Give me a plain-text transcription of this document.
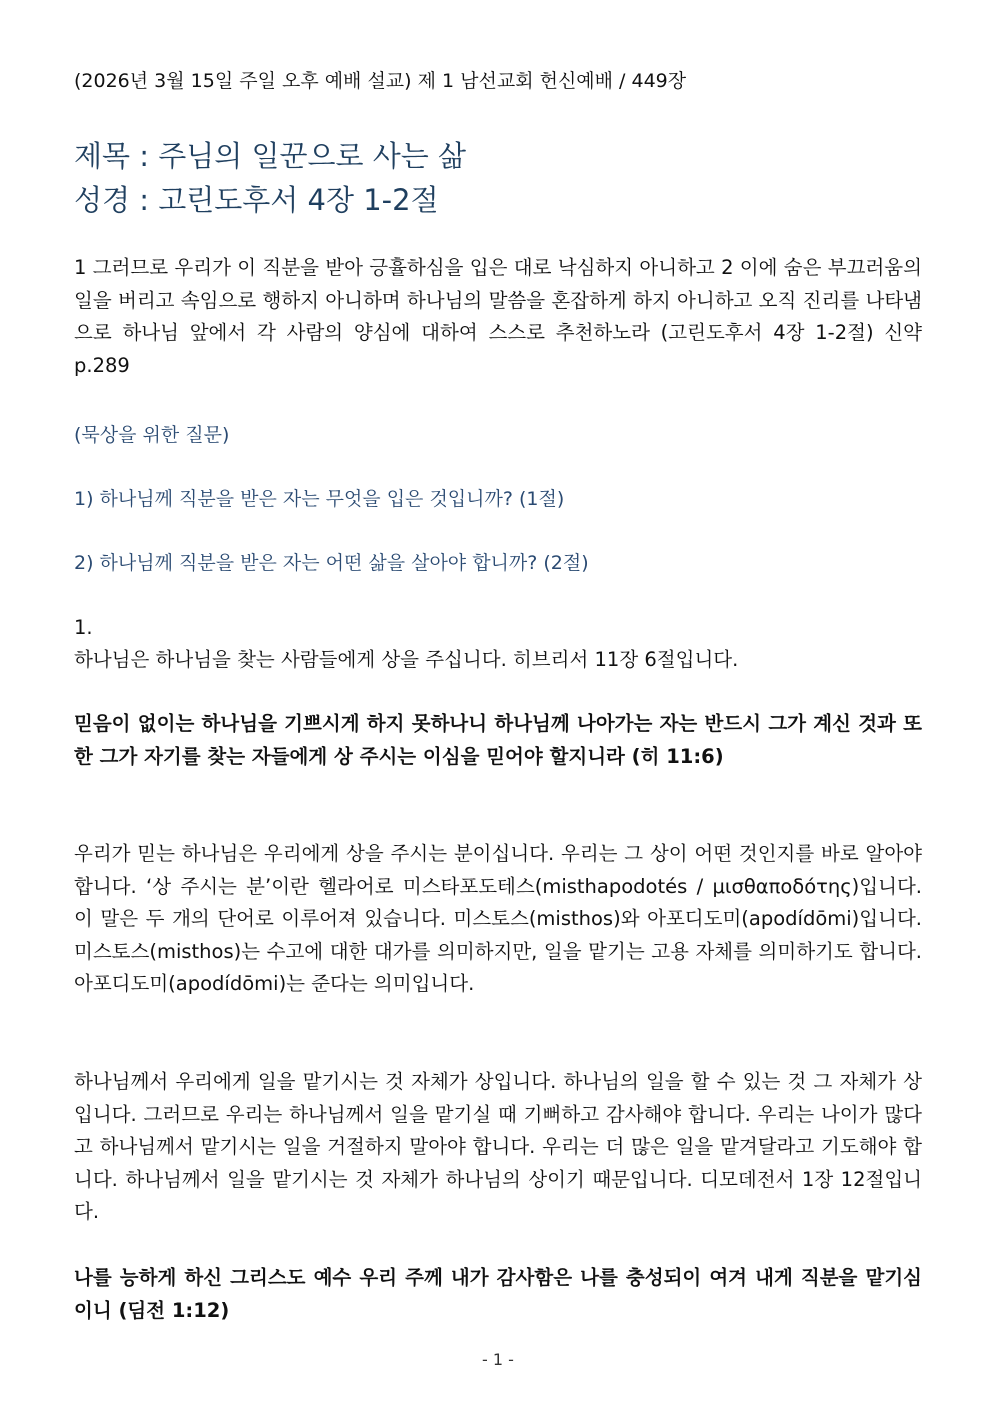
(2026년 3월 15일 주일 오후 예배 설교) 제 1 남선교회 헌신예배 / 449장
제목 : 주님의 일꾼으로 사는 삶
성경 : 고린도후서 4장 1-2절
1 그러므로 우리가 이 직분을 받아 긍휼하심을 입은 대로 낙심하지 아니하고 2 이에 숨은 부끄러움의 일을 버리고 속임으로 행하지 아니하며 하나님의 말씀을 혼잡하게 하지 아니하고 오직 진리를 나타냄으로 하나님 앞에서 각 사람의 양심에 대하여 스스로 추천하노라 (고린도후서 4장 1-2절) 신약 p.289
(묵상을 위한 질문)
1) 하나님께 직분을 받은 자는 무엇을 입은 것입니까? (1절)
2) 하나님께 직분을 받은 자는 어떤 삶을 살아야 합니까? (2절)
1.
하나님은 하나님을 찾는 사람들에게 상을 주십니다. 히브리서 11장 6절입니다.
믿음이 없이는 하나님을 기쁘시게 하지 못하나니 하나님께 나아가는 자는 반드시 그가 계신 것과 또한 그가 자기를 찾는 자들에게 상 주시는 이심을 믿어야 할지니라 (히 11:6)
우리가 믿는 하나님은 우리에게 상을 주시는 분이십니다. 우리는 그 상이 어떤 것인지를 바로 알아야 합니다. ‘상 주시는 분’이란 헬라어로 미스타포도테스(misthapodotés / μισθαποδότης)입니다. 이 말은 두 개의 단어로 이루어져 있습니다. 미스토스(misthos)와 아포디도미(apodídōmi)입니다. 미스토스(misthos)는 수고에 대한 대가를 의미하지만, 일을 맡기는 고용 자체를 의미하기도 합니다. 아포디도미(apodídōmi)는 준다는 의미입니다.
하나님께서 우리에게 일을 맡기시는 것 자체가 상입니다. 하나님의 일을 할 수 있는 것 그 자체가 상입니다. 그러므로 우리는 하나님께서 일을 맡기실 때 기뻐하고 감사해야 합니다. 우리는 나이가 많다고 하나님께서 맡기시는 일을 거절하지 말아야 합니다. 우리는 더 많은 일을 맡겨달라고 기도해야 합니다. 하나님께서 일을 맡기시는 것 자체가 하나님의 상이기 때문입니다. 디모데전서 1장 12절입니다.
나를 능하게 하신 그리스도 예수 우리 주께 내가 감사함은 나를 충성되이 여겨 내게 직분을 맡기심이니 (딤전 1:12)
- 1 -
